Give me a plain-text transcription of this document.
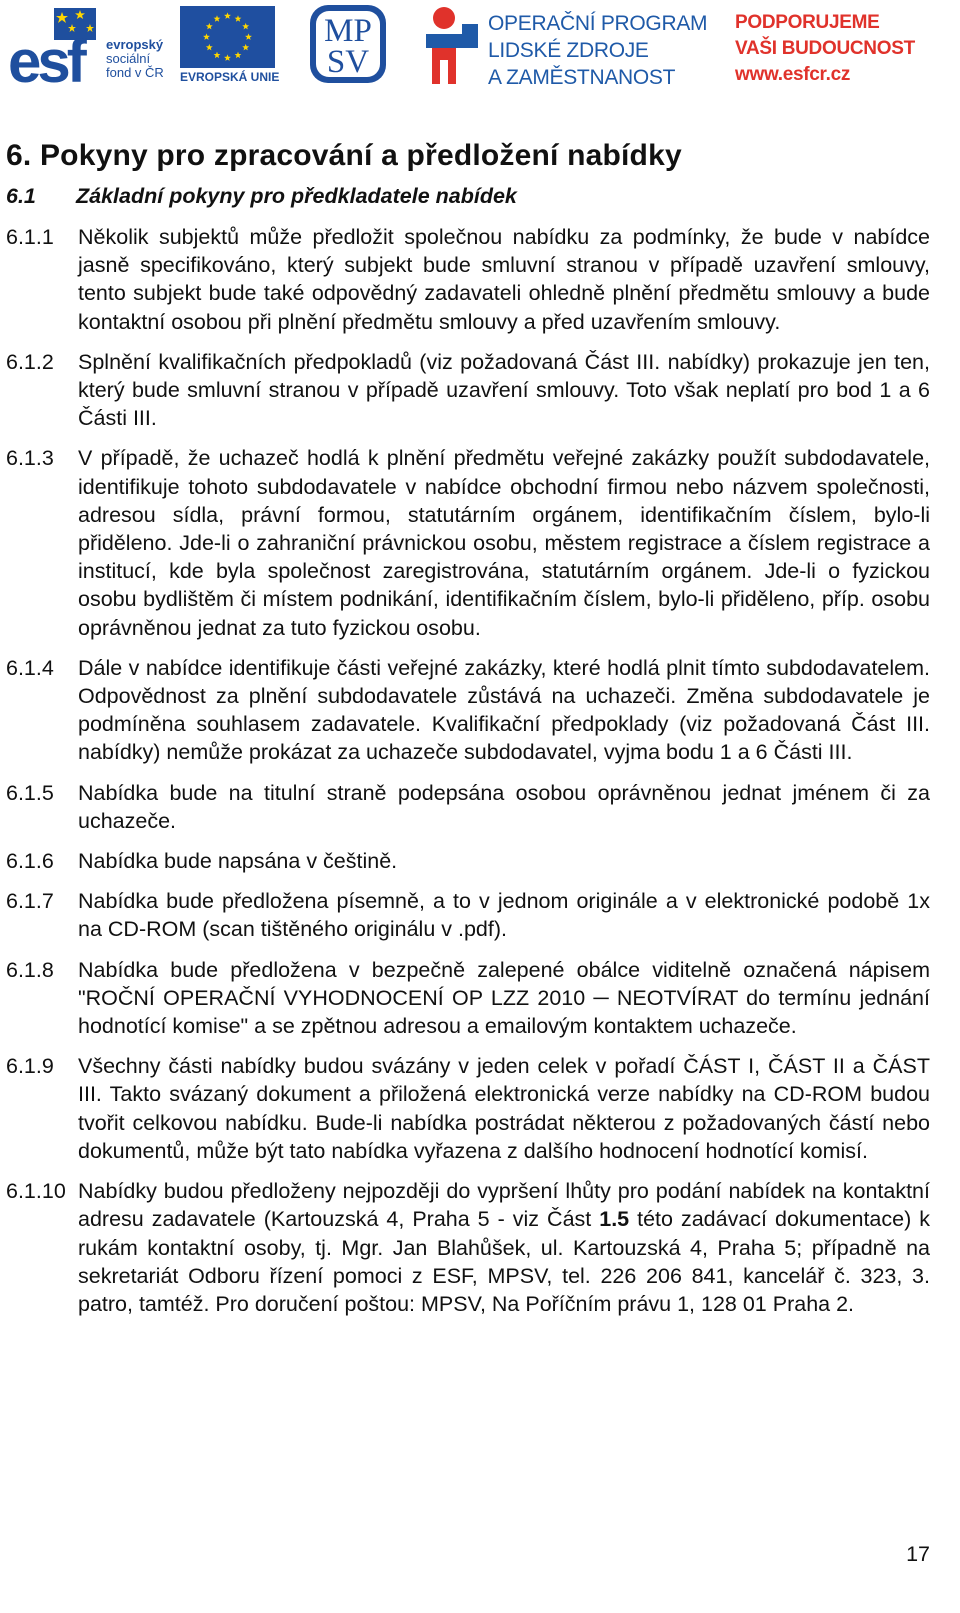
esf	evropský
sociální
fond v ČR	EVROPSKÁ UNIE
MP
SV
OPERAČNÍ PROGRAM
LIDSKÉ ZDROJE
A ZAMĚSTNANOST
PODPORUJEME
VAŠI BUDOUCNOST
www.esfcr.cz
6. Pokyny pro zpracování a předložení nabídky
6.1 Základní pokyny pro předkladatele nabídek
6.1.1	Několik subjektů může předložit společnou nabídku za podmínky, že bude v nabídce jasně specifikováno, který subjekt bude smluvní stranou v případě uzavření smlouvy, tento subjekt bude také odpovědný zadavateli ohledně plnění předmětu smlouvy a bude kontaktní osobou při plnění předmětu smlouvy a před uzavřením smlouvy.
6.1.2	Splnění kvalifikačních předpokladů (viz požadovaná Část III. nabídky) prokazuje jen ten, který bude smluvní stranou v případě uzavření smlouvy. Toto však neplatí pro bod 1 a 6 Části III.
6.1.3	V případě, že uchazeč hodlá k plnění předmětu veřejné zakázky použít subdodavatele, identifikuje tohoto subdodavatele v nabídce obchodní firmou nebo názvem společnosti, adresou sídla, právní formou, statutárním orgánem, identifikačním číslem, bylo-li přiděleno. Jde-li o zahraniční právnickou osobu, městem registrace a číslem registrace a institucí, kde byla společnost zaregistrována, statutárním orgánem. Jde-li o fyzickou osobu bydlištěm či místem podnikání, identifikačním číslem, bylo-li přiděleno, příp. osobu oprávněnou jednat za tuto fyzickou osobu.
6.1.4	Dále v nabídce identifikuje části veřejné zakázky, které hodlá plnit tímto subdodavatelem. Odpovědnost za plnění subdodavatele zůstává na uchazeči. Změna subdodavatele je podmíněna souhlasem zadavatele. Kvalifikační předpoklady (viz požadovaná Část III. nabídky) nemůže prokázat za uchazeče subdodavatel, vyjma bodu 1 a 6 Části III.
6.1.5	Nabídka bude na titulní straně podepsána osobou oprávněnou jednat jménem či za uchazeče.
6.1.6	Nabídka bude napsána v češtině.
6.1.7	Nabídka bude předložena písemně, a to v jednom originále a v elektronické podobě 1x na CD-ROM (scan tištěného originálu v .pdf).
6.1.8	Nabídka bude předložena v bezpečně zalepené obálce viditelně označená nápisem "ROČNÍ OPERAČNÍ VYHODNOCENÍ OP LZZ 2010 ─ NEOTVÍRAT do termínu jednání hodnotící komise" a se zpětnou adresou a emailovým kontaktem uchazeče.
6.1.9	Všechny části nabídky budou svázány v jeden celek v pořadí ČÁST I, ČÁST II a ČÁST III. Takto svázaný dokument a přiložená elektronická verze nabídky na CD-ROM budou tvořit celkovou nabídku. Bude-li nabídka postrádat některou z požadovaných částí nebo dokumentů, může být tato nabídka vyřazena z dalšího hodnocení hodnotící komisí.
6.1.10 Nabídky budou předloženy nejpozději do vypršení lhůty pro podání nabídek na kontaktní adresu zadavatele (Kartouzská 4, Praha 5 - viz Část 1.5 této zadávací dokumentace) k rukám kontaktní osoby, tj. Mgr. Jan Blahůšek, ul. Kartouzská 4, Praha 5; případně na sekretariát Odboru řízení pomoci z ESF, MPSV, tel. 226 206 841, kancelář č. 323, 3. patro, tamtéž. Pro doručení poštou: MPSV, Na Poříčním právu 1, 128 01 Praha 2.
17
